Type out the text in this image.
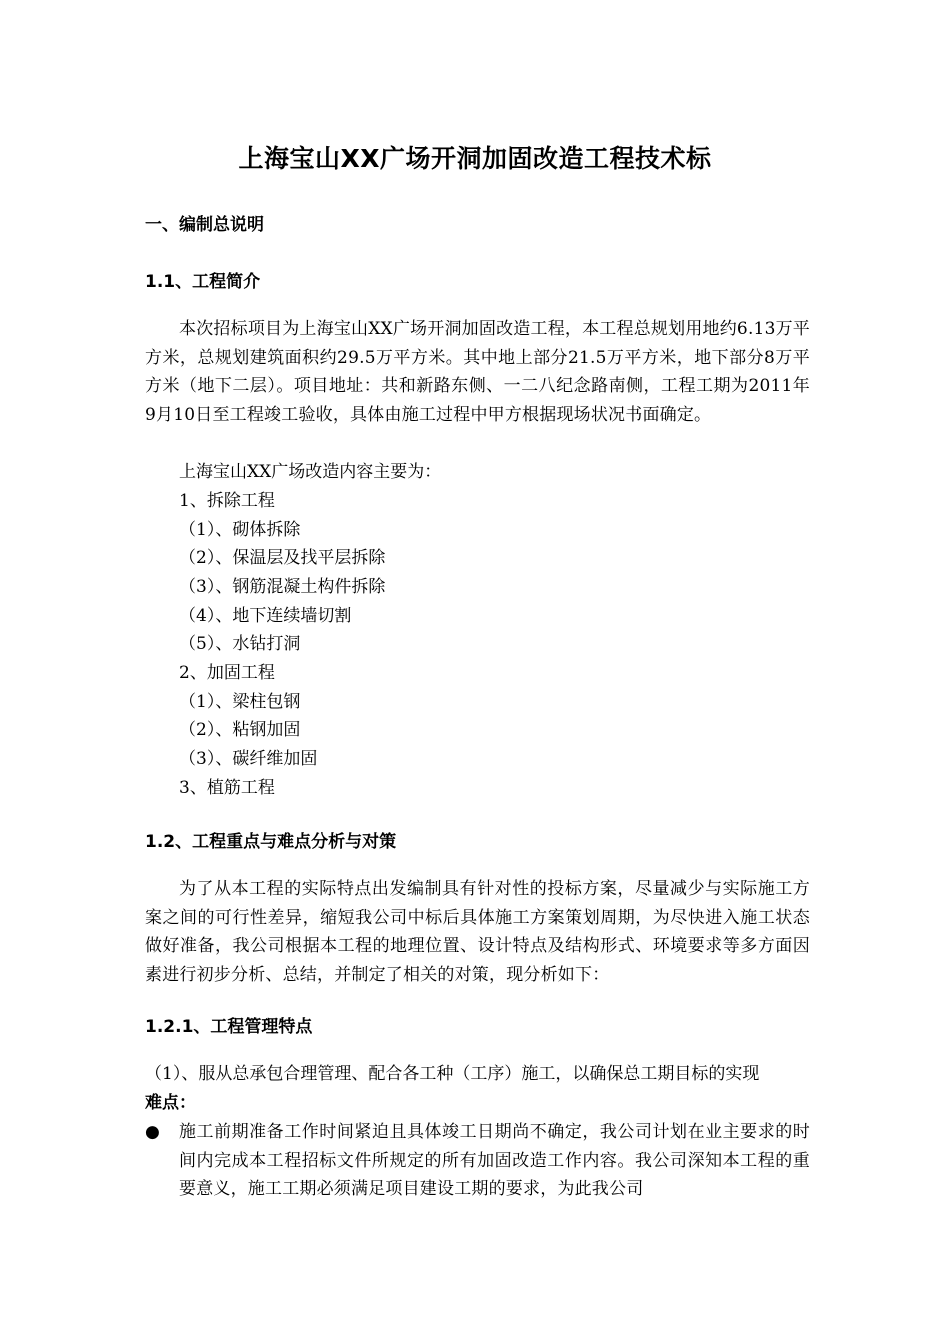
上海宝山XX广场开洞加固改造工程技术标
一、编制总说明
1.1、工程简介
本次招标项目为上海宝山XX广场开洞加固改造工程，本工程总规划用地约6.13万平方米，总规划建筑面积约29.5万平方米。其中地上部分21.5万平方米，地下部分8万平方米（地下二层）。项目地址：共和新路东侧、一二八纪念路南侧，工程工期为2011年9月10日至工程竣工验收，具体由施工过程中甲方根据现场状况书面确定。
上海宝山XX广场改造内容主要为：
1、拆除工程
（1）、砌体拆除
（2）、保温层及找平层拆除
（3）、钢筋混凝土构件拆除
（4）、地下连续墙切割
（5）、水钻打洞
2、加固工程
（1）、梁柱包钢
（2）、粘钢加固
（3）、碳纤维加固
3、植筋工程
1.2、工程重点与难点分析与对策
为了从本工程的实际特点出发编制具有针对性的投标方案，尽量减少与实际施工方案之间的可行性差异，缩短我公司中标后具体施工方案策划周期，为尽快进入施工状态做好准备，我公司根据本工程的地理位置、设计特点及结构形式、环境要求等多方面因素进行初步分析、总结，并制定了相关的对策，现分析如下：
1.2.1、工程管理特点
（1）、服从总承包合理管理、配合各工种（工序）施工，以确保总工期目标的实现
难点：
● 施工前期准备工作时间紧迫且具体竣工日期尚不确定，我公司计划在业主要求的时间内完成本工程招标文件所规定的所有加固改造工作内容。我公司深知本工程的重要意义，施工工期必须满足项目建设工期的要求，为此我公司
